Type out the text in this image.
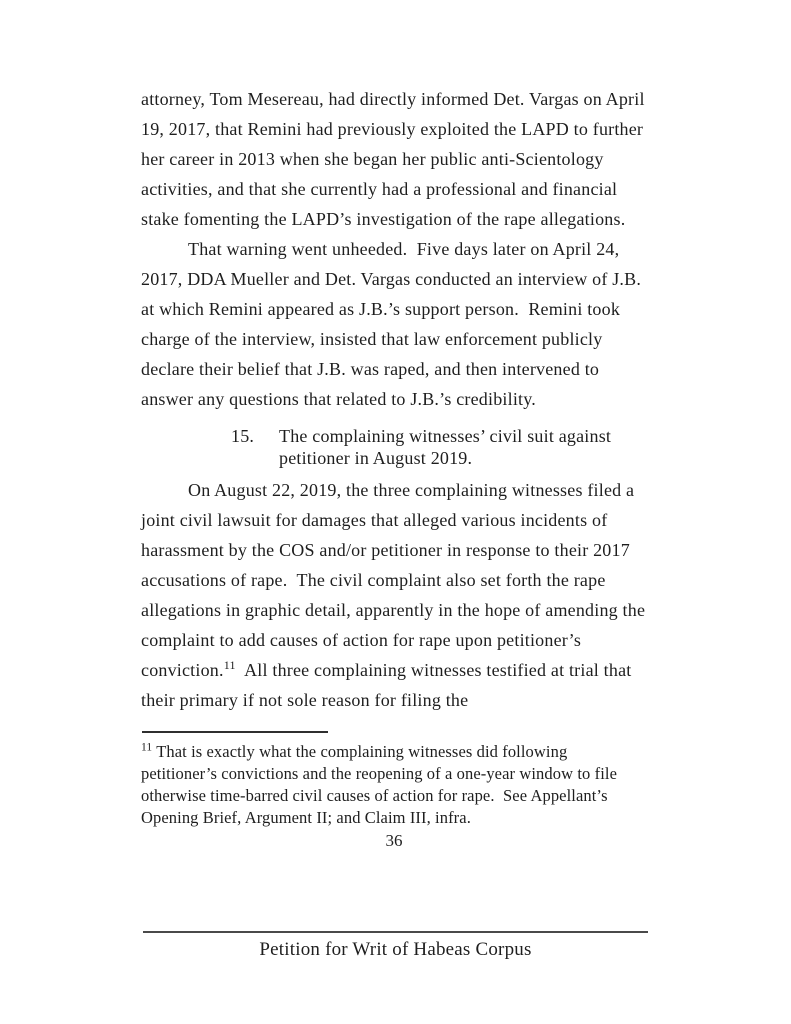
attorney, Tom Mesereau, had directly informed Det. Vargas on April 19, 2017, that Remini had previously exploited the LAPD to further her career in 2013 when she began her public anti-Scientology activities, and that she currently had a professional and financial stake fomenting the LAPD’s investigation of the rape allegations.

That warning went unheeded.  Five days later on April 24, 2017, DDA Mueller and Det. Vargas conducted an interview of J.B. at which Remini appeared as J.B.’s support person.  Remini took charge of the interview, insisted that law enforcement publicly declare their belief that J.B. was raped, and then intervened to answer any questions that related to J.B.’s credibility.

15.	The complaining witnesses’ civil suit against petitioner in August 2019.

On August 22, 2019, the three complaining witnesses filed a joint civil lawsuit for damages that alleged various incidents of harassment by the COS and/or petitioner in response to their 2017 accusations of rape.  The civil complaint also set forth the rape allegations in graphic detail, apparently in the hope of amending the complaint to add causes of action for rape upon petitioner’s conviction.$^{11}$  All three complaining witnesses testified at trial that their primary if not sole reason for filing the

$^{11}$ That is exactly what the complaining witnesses did following petitioner’s convictions and the reopening of a one-year window to file otherwise time-barred civil causes of action for rape.  See Appellant’s Opening Brief, Argument II; and Claim III, infra.

36
Petition for Writ of Habeas Corpus
